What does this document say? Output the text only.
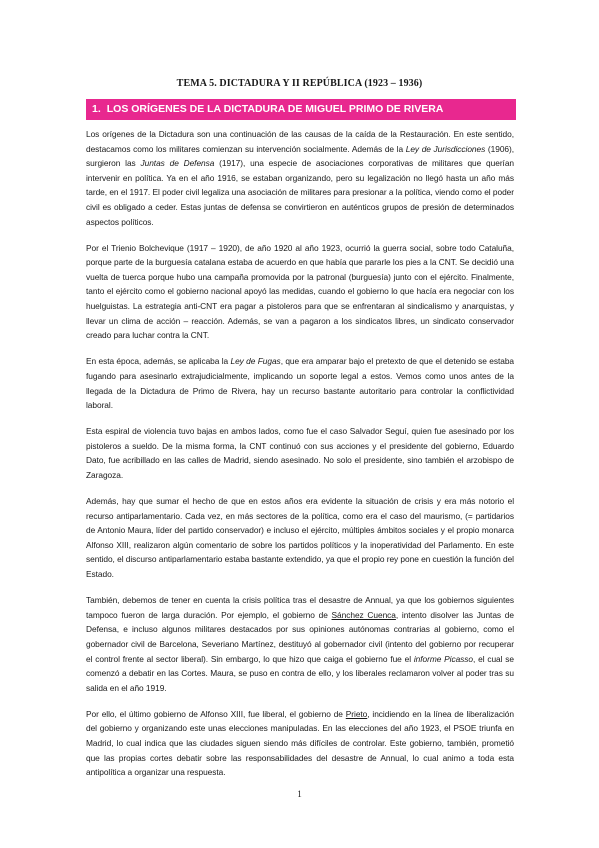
TEMA 5. DICTADURA Y II REPÚBLICA (1923 – 1936)
1. LOS ORÍGENES DE LA DICTADURA DE MIGUEL PRIMO DE RIVERA

Los orígenes de la Dictadura son una continuación de las causas de la caída de la Restauración. En este sentido, destacamos como los militares comienzan su intervención socialmente. Además de la Ley de Jurisdicciones (1906), surgieron las Juntas de Defensa (1917), una especie de asociaciones corporativas de militares que querían intervenir en política. Ya en el año 1916, se estaban organizando, pero su legalización no llegó hasta un año más tarde, en el 1917. El poder civil legaliza una asociación de militares para presionar a la política, viendo como el poder civil es obligado a ceder. Estas juntas de defensa se convirtieron en auténticos grupos de presión de determinados aspectos políticos.

Por el Trienio Bolchevique (1917 – 1920), de año 1920 al año 1923, ocurrió la guerra social, sobre todo Cataluña, porque parte de la burguesía catalana estaba de acuerdo en que había que pararle los pies a la CNT. Se decidió una vuelta de tuerca porque hubo una campaña promovida por la patronal (burguesía) junto con el ejército. Finalmente, tanto el ejército como el gobierno nacional apoyó las medidas, cuando el gobierno lo que hacía era negociar con los huelguistas. La estrategia anti-CNT era pagar a pistoleros para que se enfrentaran al sindicalismo y anarquistas, y llevar un clima de acción – reacción. Además, se van a pagaron a los sindicatos libres, un sindicato conservador creado para luchar contra la CNT.

En esta época, además, se aplicaba la Ley de Fugas, que era amparar bajo el pretexto de que el detenido se estaba fugando para asesinarlo extrajudicialmente, implicando un soporte legal a estos. Vemos como unos antes de la llegada de la Dictadura de Primo de Rivera, hay un recurso bastante autoritario para controlar la conflictividad laboral.

Esta espiral de violencia tuvo bajas en ambos lados, como fue el caso Salvador Seguí, quien fue asesinado por los pistoleros a sueldo. De la misma forma, la CNT continuó con sus acciones y el presidente del gobierno, Eduardo Dato, fue acribillado en las calles de Madrid, siendo asesinado. No solo el presidente, sino también el arzobispo de Zaragoza.

Además, hay que sumar el hecho de que en estos años era evidente la situación de crisis y era más notorio el recurso antiparlamentario. Cada vez, en más sectores de la política, como era el caso del maurismo, (= partidarios de Antonio Maura, líder del partido conservador) e incluso el ejército, múltiples ámbitos sociales y el propio monarca Alfonso XIII, realizaron algún comentario de sobre los partidos políticos y la inoperatividad del Parlamento. En este sentido, el discurso antiparlamentario estaba bastante extendido, ya que el propio rey pone en cuestión la función del Estado.

También, debemos de tener en cuenta la crisis política tras el desastre de Annual, ya que los gobiernos siguientes tampoco fueron de larga duración. Por ejemplo, el gobierno de Sánchez Cuenca, intento disolver las Juntas de Defensa, e incluso algunos militares destacados por sus opiniones autónomas contrarias al gobierno, como el gobernador civil de Barcelona, Severiano Martínez, destituyó al gobernador civil (intento del gobierno por recuperar el control frente al sector liberal). Sin embargo, lo que hizo que caiga el gobierno fue el informe Picasso, el cual se comenzó a debatir en las Cortes. Maura, se puso en contra de ello, y los liberales reclamaron volver al poder tras su salida en el año 1919.

Por ello, el último gobierno de Alfonso XIII, fue liberal, el gobierno de Prieto, incidiendo en la línea de liberalización del gobierno y organizando este unas elecciones manipuladas. En las elecciones del año 1923, el PSOE triunfa en Madrid, lo cual indica que las ciudades siguen siendo más difíciles de controlar. Este gobierno, también, prometió que las propias cortes debatir sobre las responsabilidades del desastre de Annual, lo cual animo a toda esta antipolítica a organizar una respuesta.

1
